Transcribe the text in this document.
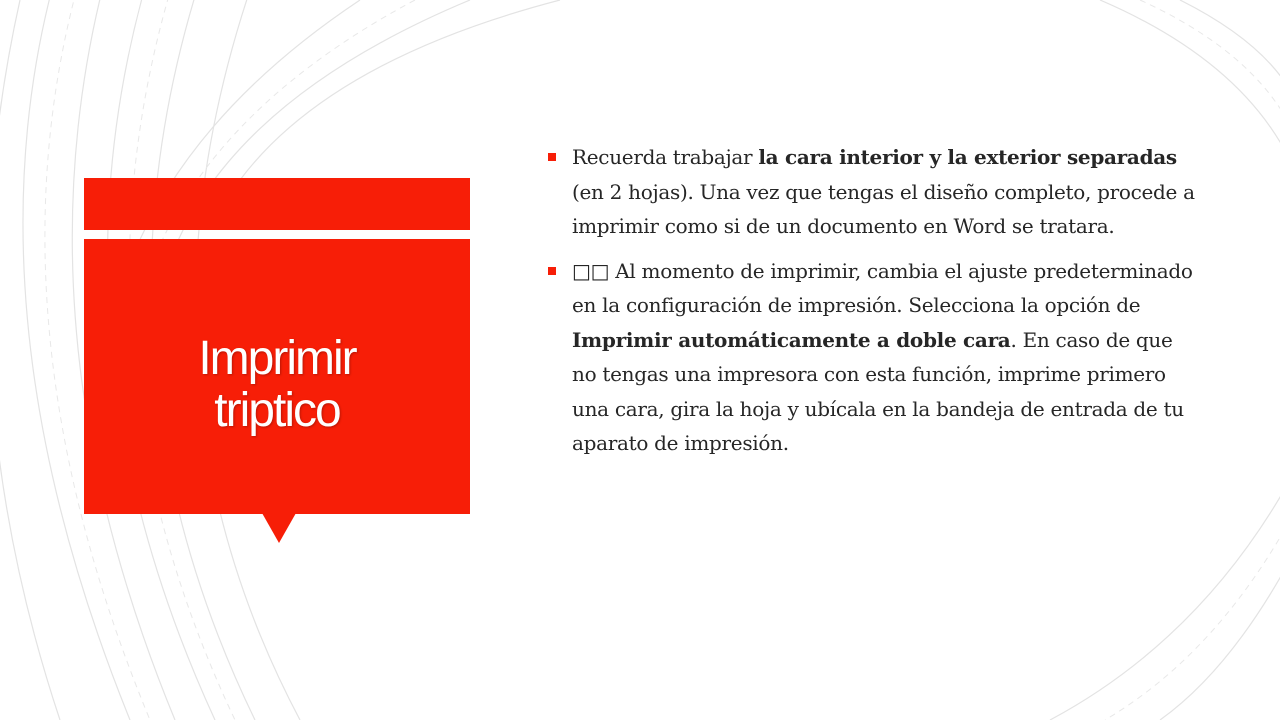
Imprimir
triptico

Recuerda trabajar la cara interior y la exterior separadas (en 2 hojas). Una vez que tengas el diseño completo, procede a imprimir como si de un documento en Word se tratara.

□□ Al momento de imprimir, cambia el ajuste predeterminado en la configuración de impresión. Selecciona la opción de Imprimir automáticamente a doble cara. En caso de que no tengas una impresora con esta función, imprime primero una cara, gira la hoja y ubícala en la bandeja de entrada de tu aparato de impresión.
